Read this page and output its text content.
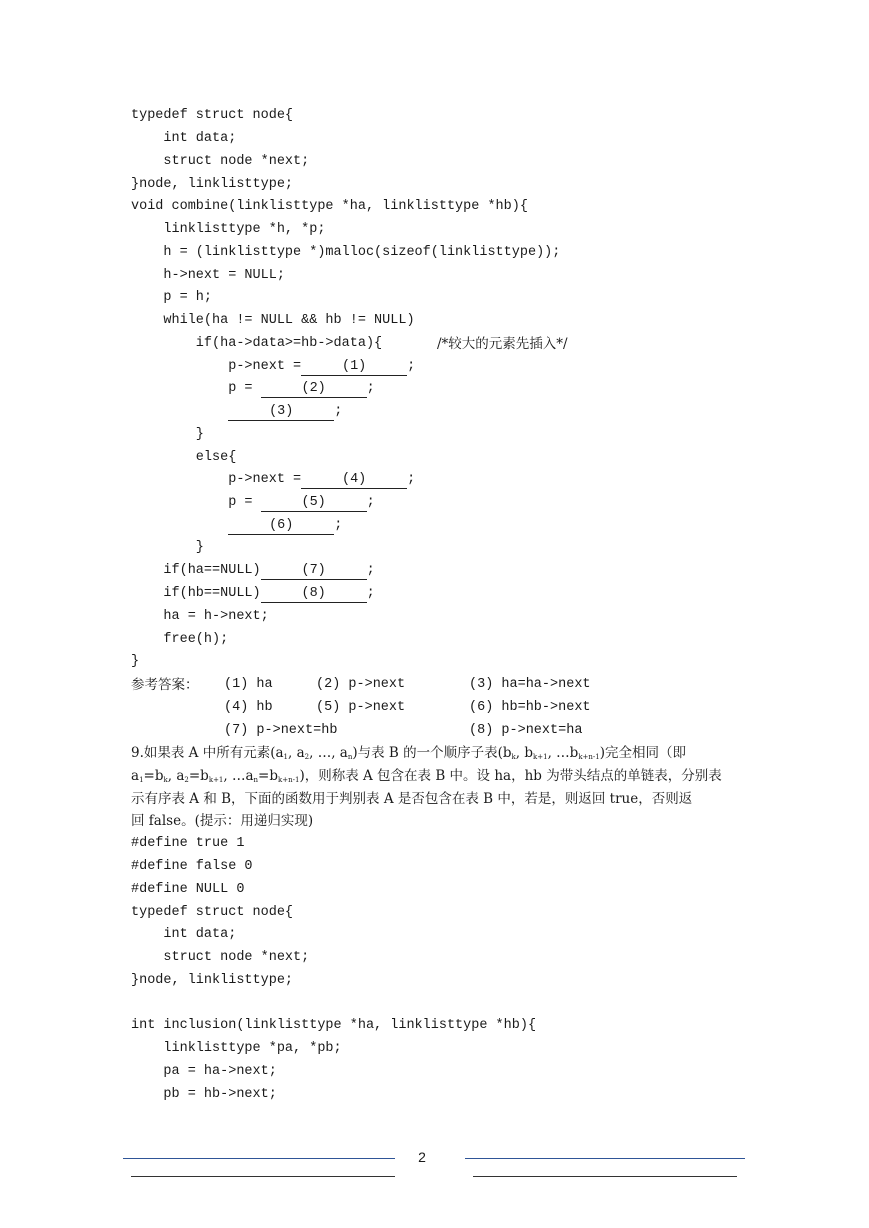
typedef struct node{
int data;
struct node *next;
}node, linklisttype;
void combine(linklisttype *ha, linklisttype *hb){
linklisttype *h, *p;
h = (linklisttype *)malloc(sizeof(linklisttype));
h->next = NULL;
p = h;
while(ha != NULL && hb != NULL)
if(ha->data>=hb->data){	/*较大的元素先插入*/
p->next =	(1)	;
p =	(2)	;
(3)	;
}
else{
p->next =	(4)	;
p =	(5)	;
(6)	;
}
if(ha==NULL)	(7)	;
if(hb==NULL)	(8)	;
ha = h->next;
free(h);
}
参考答案： (1) ha	(2) p->next	(3) ha=ha->next
(4) hb	(5) p->next	(6) hb=hb->next
(7) p->next=hb	(8) p->next=ha
9.如果表 A 中所有元素($a_1$, $a_2$, …, $a_n$)与表 B 的一个顺序子表($b_k$, $b_{k+1}$, $\dots b_{k+n-1}$)完全相同（即
$a_1=b_k$, $a_2=b_{k+1}$, $\dots a_n=b_{k+n-1}$)，则称表 A 包含在表 B 中。设 ha，hb 为带头结点的单链表，分别表
示有序表 A 和 B，下面的函数用于判别表 A 是否包含在表 B 中，若是，则返回 true，否则返
回 false。(提示：用递归实现)
#define true 1
#define false 0
#define NULL 0
typedef struct node{
int data;
struct node *next;
}node, linklisttype;
int inclusion(linklisttype *ha, linklisttype *hb){
linklisttype *pa, *pb;
pa = ha->next;
pb = hb->next;
2
